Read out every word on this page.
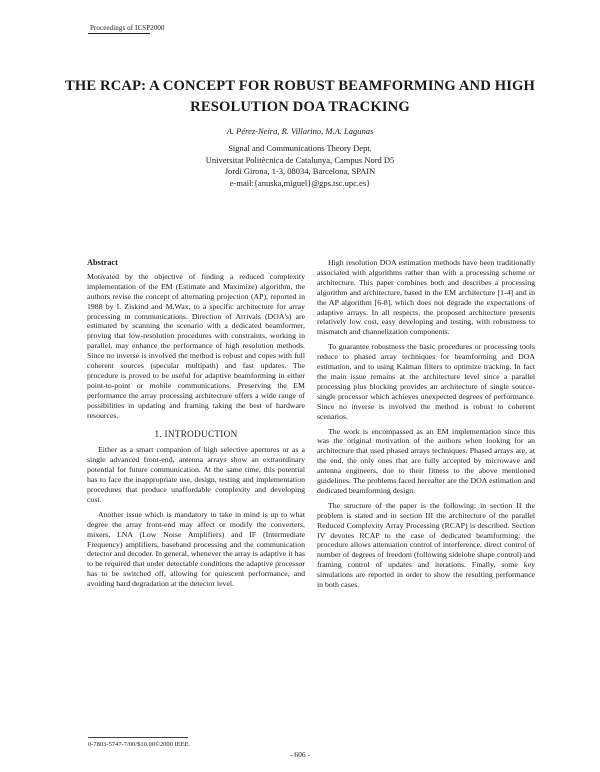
Proceedings of ICSP2000
THE RCAP: A CONCEPT FOR ROBUST BEAMFORMING AND HIGH RESOLUTION DOA TRACKING
A. Pérez-Neira, R. Villarino, M.A. Lagunas
Signal and Communications Theory Dept.
Universitat Politècnica de Catalunya, Campus Nord D5
Jordi Girona, 1-3, 08034, Barcelona, SPAIN
e-mail:{anuska,miguel}@gps.tsc.upc.es}
Abstract

Motivated by the objective of finding a reduced complexity implementation of the EM (Estimate and Maximize) algorithm, the authors revise the concept of alternating projection (AP), reported in 1988 by I. Ziskind and M.Wax, to a specific architecture for array processing in communications. Direction of Arrivals (DOA's) are estimated by scanning the scenario with a dedicated beamformer, proving that low-resolution procedures with constraints, working in parallel, may enhance the performance of high resolution methods. Since no inverse is involved the method is robust and copes with full coherent sources (specular multipath) and fast updates. The procedure is proved to be useful for adaptive beamforming in either point-to-point or mobile communications. Preserving the EM performance the array processing architecture offers a wide range of possibilities in updating and framing taking the best of hardware resources.

1. INTRODUCTION

Either as a smart companion of high selective apertures or as a single advanced front-end, antenna arrays show an extraordinary potential for future communication. At the same time, this potential has to face the inappropriate use, design, testing and implementation procedures that produce unaffordable complexity and developing cost.

Another issue which is mandatory to take in mind is up to what degree the array front-end may affect or modify the converters, mixers, LNA (Low Noise Amplifiers) and IF (Intermediate Frequency) amplifiers, baseband processing and the communication detector and decoder. In general, whenever the array is adaptive it has to be required that under detectable conditions the adaptive processor has to be switched off, allowing for quiescent performance, and avoiding hard degradation at the detector level.

High resolution DOA estimation methods have been traditionally associated with algorithms rather than with a processing scheme or architecture. This paper combines both and describes a processing algorithm and architecture, based in the EM architecture [1-4] and in the AP algorithm [6-8], which does not degrade the expectations of adaptive arrays. In all respects, the proposed architecture presents relatively low cost, easy developing and testing, with robustness to mismatch and channelization components.

To guarantee robustness the basic procedures or processing tools reduce to phased array techniques for beamforming and DOA estimation, and to using Kalman filters to optimize tracking. In fact the main issue remains at the architecture level since a parallel processing plus blocking provides an architecture of single source-single processor which achieves unexpected degrees of performance. Since no inverse is involved the method is robust to coherent scenarios.

The work is encompassed as an EM implementation since this was the original motivation of the authors when looking for an architecture that used phased arrays techniques. Phased arrays are, at the end, the only ones that are fully accepted by microwave and antenna engineers, due to their fitness to the above mentioned guidelines. The problems faced hereafter are the DOA estimation and dedicated beamforming design.

The structure of the paper is the following: in section II the problem is stated and in section III the architecture of the parallel Reduced Complexity Array Processing (RCAP) is described. Section IV devotes RCAP to the case of dedicated beamforming: the procedure allows attenuation control of interference, direct control of number of degrees of freedom (following sidelobe shape control) and framing control of updates and iterations. Finally, some key simulations are reported in order to show the resulting performance in both cases.

0-7803-5747-7/00/$10.00©2000 IEEE.
- 606 -
